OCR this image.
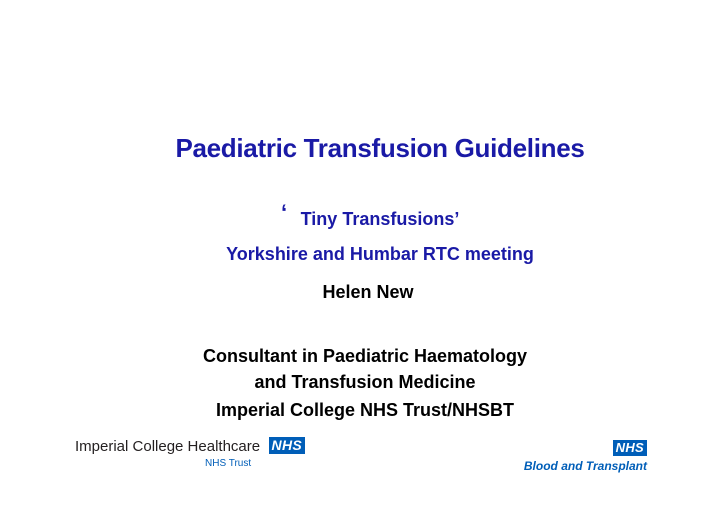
Paediatric Transfusion Guidelines
‘ Tiny Transfusions’
Yorkshire and Humbar RTC meeting
Helen New
Consultant in Paediatric Haematology
and Transfusion Medicine
Imperial College NHS Trust/NHSBT
Imperial College Healthcare NHS
NHS Trust
NHS
Blood and Transplant
